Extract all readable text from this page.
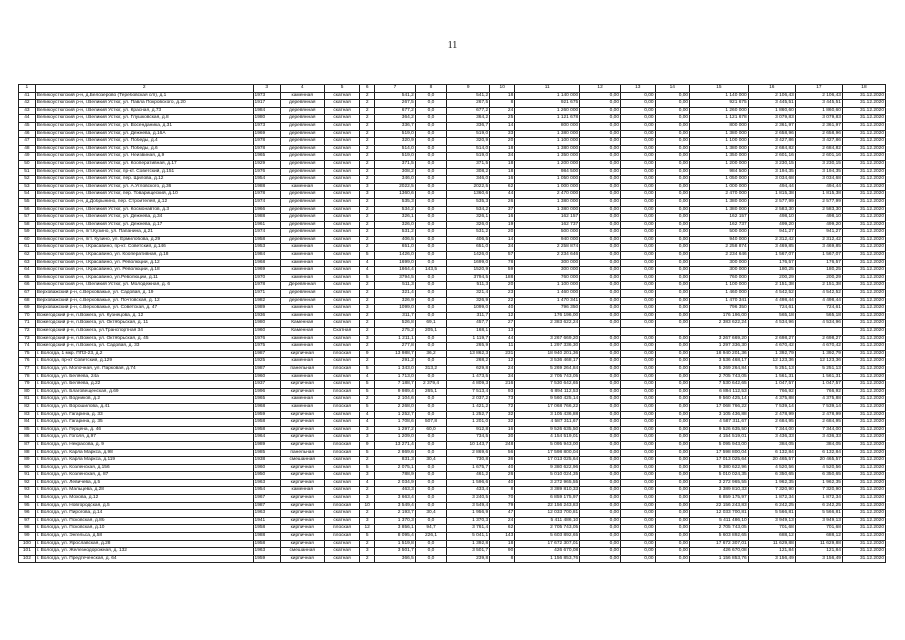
11
1	2	3	4	5	6	7	8	9	10	11	12	13	14	15	16	17	18
41	Великоустюгский р-н, д.Белозерово (Теребовская с/п), д.1	1973	каменная	скатная	2	541,2	0,0	541,2	18	1 140 000	0,00	0,00	0,00	1 140 000	2 106,43	2 106,43	31.12.2020
42	Великоустюгский р-н, г.Великий Устюг, ул. Павла Покровского, д.20	1917	деревянная	скатная	2	267,5	0,0	267,5	8	921 675	0,00	0,00	0,00	921 675	3 445,51	3 445,51	31.12.2020
43	Великоустюгский р-н, г.Великий Устюг, ул. Красная, д.73	1984	деревянная	скатная	2	677,2	0,0	677,2	24	1 260 000	0,00	0,00	0,00	1 260 000	1 860,60	1 860,60	31.12.2020
44	Великоустюгский р-н, г.Великий Устюг, ул. Глушковская, д.8	1980	деревянная	скатная	2	364,2	0,0	364,2	25	1 121 678	0,00	0,00	0,00	1 121 678	3 079,83	3 079,83	31.12.2020
45	Великоустюгский р-н, г.Великий Устюг, ул. Восенданика, д.31	1973	деревянная	скатная	2	336,7	0,0	336,7	14	800 000	0,00	0,00	0,00	800 000	2 361,97	2 361,97	31.12.2020
46	Великоустюгский р-н, г.Великий Устюг, ул. Дежнева, д.16А	1969	деревянная	скатная	2	519,0	0,0	519,0	33	1 380 000	0,00	0,00	0,00	1 380 000	2 658,96	2 658,96	31.12.2020
47	Великоустюгский р-н, г.Великий Устюг, ул. Победы, д.4	1978	деревянная	скатная	2	320,9	0,0	320,9	20	1 100 000	0,00	0,00	0,00	1 100 000	3 427,86	3 427,86	31.12.2020
48	Великоустюгский р-н, г.Великий Устюг, ул. Победы, д.6	1978	деревянная	скатная	2	514,0	0,0	514,0	18	1 380 000	0,00	0,00	0,00	1 380 000	2 684,82	2 684,82	31.12.2020
49	Великоустюгский р-н, г.Великий Устюг, ул. Неизвиная, д.9	1965	деревянная	скатная	2	519,0	0,0	519,0	34	1 350 000	0,00	0,00	0,00	1 350 000	2 601,16	2 601,16	31.12.2020
50	Великоустюгский р-н, г.Великий Устюг, ул. Кооперативная, д.17	1929	деревянная	скатная	2	371,5	0,0	371,5	18	1 200 000	0,00	0,00	0,00	1 200 000	3 230,15	3 230,15	31.12.2020
51	Великоустюгский р-н, г.Великий Устюг, пр-кт. Советский, д.151	1976	деревянная	скатная	2	308,2	0,0	308,2	18	984 500	0,00	0,00	0,00	984 500	3 194,35	3 194,35	31.12.2020
52	Великоустюгский р-н, г.Великий Устюг, пер. Щилова, д.12	1954	деревянная	скатная	2	346,0	0,0	346,0	16	1 050 000	0,00	0,00	0,00	1 050 000	3 034,68	3 034,68	31.12.2020
53	Великоустюгский р-н, г.Великий Устюг, ул. А.Угловского, д.36	1988	каменная	скатная	3	2022,5	0,0	2022,5	62	1 000 000	0,00	0,00	0,00	1 000 000	494,44	494,44	31.12.2020
54	Великоустюгский р-н, г.Великий Устюг, пер. Товарищеский, д.10	1978	деревянная	скатная	3	1360,6	0,0	1360,6	44	2 470 000	0,00	0,00	0,00	2 470 000	1 815,38	1 815,38	31.12.2020
55	Великоустюгский р-н, д.Добрынино, пер. Строителей, д.12	1974	деревянная	скатная	2	535,3	0,0	535,3	26	1 380 000	0,00	0,00	0,00	1 380 000	2 577,99	2 577,99	31.12.2020
56	Великоустюгский р-н, г.Великий Устюг, ул. Космонавтов, д.3	1966	деревянная	скатная	2	534,2	0,0	534,2	37	1 380 000	0,00	0,00	0,00	1 380 000	2 583,30	2 583,30	31.12.2020
57	Великоустюгский р-н, г.Великий Устюг, ул. Дежнева, д.34	1988	деревянная	скатная	2	326,1	0,0	326,1	16	162 157	0,00	0,00	0,00	162 157	498,10	498,10	31.12.2020
58	Великоустюгский р-н, г.Великий Устюг, ул. Дежнева, д.17	1961	деревянная	скатная	2	326,0	0,0	326,0	19	162 737	0,00	0,00	0,00	162 737	499,20	499,20	31.12.2020
59	Великоустюгский р-н, пгт.Кузино, ул. Папанина, д.21	1974	деревянная	скатная	2	531,2	0,0	531,2	20	500 000	0,00	0,00	0,00	500 000	941,27	941,27	31.12.2020
60	Великоустюгский р-н, пгт. Кузино, ул. Ермилобова, д.29	1958	деревянная	скатная	2	406,5	0,0	406,5	14	940 000	0,00	0,00	0,00	940 000	2 312,42	2 312,42	31.12.2020
61	Великоустюгский р-н, г.Красавино, пр-кт. Советский, д.146	1953	каменная	скатная	2	651,0	0,0	651,0	34	2 258 874	0,00	0,00	0,00	2 258 874	3 469,85	3 469,85	31.12.2020
62	Великоустюгский р-н, г.Красавино, ул. Кооперативная, д.18	1984	каменная	скатная	5	1426,0	0,0	1426,0	57	2 234 646	0,00	0,00	0,00	2 234 646	1 567,07	1 567,07	31.12.2020
63	Великоустюгский р-н, г.Красавино, ул. Революции, д.12	1968	каменная	скатная	4	1699,0	0,0	1699,0	78	300 000	0,00	0,00	0,00	300 000	176,57	176,57	31.12.2020
64	Великоустюгский р-н, г.Красавино, ул. Революции, д.18	1969	каменная	скатная	4	1664,4	143,5	1520,9	59	300 000	0,00	0,00	0,00	300 000	180,25	180,25	31.12.2020
65	Великоустюгский р-н, г.Красавино, ул.Революции, д.11	1970	каменная	скатная	5	3794,5	0,0	3794,5	188	760 000	0,00	0,00	0,00	760 000	200,29	200,29	31.12.2020
66	Великоустюгский р-н, г.Великий Устюг, ул. Молодежная, д. 6	1978	Деревянная	скатная	2	511,3	0,0	511,3	20	1 100 000	0,00	0,00	0,00	1 100 000	2 151,38	2 151,38	31.12.2020
67	Верховажский р-н, с.Верховажье, ул. Садовая, д. 19	1971	деревянная	скатная	2	321,4	0,0	321,4	23	1 460 000	0,00	0,00	0,00	1 460 000	4 542,52	4 542,52	31.12.2020
68	Верховажский р-н, с.Верховажье, ул. Почтовская, д. 12	1982	деревянная	скатная	2	326,9	0,0	326,9	22	1 470 341	0,00	0,00	0,00	1 470 341	4 498,44	4 498,44	31.12.2020
69	Верховажский р-н, с.Верховажье, ул. Советская, д. 47	1989	каменная	скатная	3	1099,0	0,0	1099,0	40	796 350	0,00	0,00	0,00	796 350	724,61	724,61	31.12.2020
70	Вожегодский р-н, п.Вожега, ул. Кузнецова, д. 12	1936	каменная	скатная	2	311,7	0,0	311,7	12	176 196,00	0,00	0,00	0,00	176 196,00	565,18	565,18	31.12.2020
71	Вожегодский р-н, п.Вожега, ул. Октябрьская, д. 11	1980	Каменная	скатная	2	526,8	69,1	457,7	27	2 383 622,24	0,00	0,00	0,00	2 383 622,24	4 534,96	4 534,96	31.12.2020
72	Вожегодский р-н, п.Вожега, ул.Транспортная 34	1960	Каменная	Скатная	2	275,2	205,1	168,1	13								31.12.2020
73	Вожегодский р-н, п.Вожега, ул. Октябрьская, д. 45	1976	каменная	скатная	3	1 211,1	0,0	1 119,7	44	3 267 669,20	0,00	0,00	0,00	3 267 669,20	2 698,27	2 698,27	31.12.2020
74	Вожегодский р-н, п.Вожега, ул. Садовая, д. 33	1975	каменная	скатная	2	277,8	0,0	265,9	11	1 297 336,30	0,00	0,00	0,00	1 297 336,30	4 670,42	4 670,42	31.12.2020
75	г. Вологда, 1 мкр. ППЗ-23, д.2	1987	кирпичная	плоская	9	13 988,7	36,2	13 862,3	231	18 940 201,36	0,00	0,00	0,00	18 940 201,36	1 392,79	1 392,79	31.12.2020
76	г. Вологда, пр-кт Советский, д.129	1925	каменная	скатная	2	291,2	0,0	268,2	12	3 536 468,17	0,00	0,00	0,00	3 536 468,17	12 123,36	12 123,36	31.12.2020
77	г. Вологда, ул. Молочная, ул. Парковая, д.74	1987	панельная	плоская	5	1 343,0	313,2	629,8	24	5 269 264,84	0,00	0,00	0,00	5 269 264,84	5 251,13	5 251,13	31.12.2020
78	г. Вологда, ул. Беляева, 24а	1960	каменная	скатная	4	1 713,0	0,0	1 473,5	34	2 705 743,05	0,00	0,00	0,00	2 705 743,05	1 561,31	1 561,31	31.12.2020
79	г. Вологда, ул. Беляева, д.22	1937	кирпичная	скатная	5	7 188,7	2 379,4	4 809,3	216	7 530 642,65	0,00	0,00	0,00	7 530 642,65	1 047,57	1 047,57	31.12.2020
80	г. Вологда, ул. Благовещенская, д.69	1996	кирпичная	плоская	5	9 989,4	265,1	7 513,4	93	6 894 112,53	0,00	0,00	0,00	6 894 112,53	766,92	766,92	31.12.2020
81	г. Вологда, ул. Водников, д.2	1965	каменная	скатная	2	2 104,6	0,0	2 037,2	73	9 560 425,14	0,00	0,00	0,00	9 560 425,14	4 375,88	4 375,88	31.12.2020
82	г. Вологда, ул. Ворошилова, д.41	1968	каменная	плоская	5	2 268,0	0,0	1 421,2	72	17 068 766,22	0,00	0,00	0,00	17 068 766,22	7 539,14	7 539,14	31.12.2020
83	г. Вологда, ул. Гагарина, д. 33	1959	кирпичная	скатная	4	1 252,7	0,0	1 252,7	32	3 105 436,88	0,00	0,00	0,00	3 105 436,88	2 478,99	2 478,99	31.12.2020
84	г. Вологда, ул. Гагарина, д. 35	1958	кирпичная	скатная	4	1 708,6	507,8	1 201,0	32	4 587 311,67	0,00	0,00	0,00	4 587 311,67	2 684,95	2 684,95	31.12.2020
85	г. Вологда, ул. Герцена, д. 46	1958	кирпичная	скатная	3	1 297,2	60,0	912,8	16	9 526 635,50	0,00	0,00	0,00	9 526 635,50	7 344,00	7 344,00	31.12.2020
86	г. Вологда, ул. Гоголя, д.97	1964	кирпичная	скатная	3	1 209,0	0,0	734,5	30	4 154 519,01	0,00	0,00	0,00	4 154 519,01	3 436,33	3 436,33	31.12.2020
87	г. Вологда, ул. Некрасова, д. 9	1989	кирпичная	плоская	9	13 271,4	0,0	10 143,7	248	5 095 943,00	0,00	0,00	0,00	5 095 943,00	384,05	384,05	31.12.2020
88	г. Вологда, ул. Карла Маркса, д.98	1985	панельная	плоская	5	2 869,6	0,0	2 869,6	56	17 598 800,04	0,00	0,00	0,00	17 598 800,04	6 132,84	6 132,84	31.12.2020
89	г. Вологда, ул. Карла Маркса, д.119	1938	смешанная	скатная	2	831,3	30,4	730,8	36	17 013 025,64	0,00	0,00	0,00	17 013 025,64	20 465,57	20 465,57	31.12.2020
90	г. Вологда, ул. Козленская, д.156	1960	кирпичная	скатная	5	2 075,1	0,0	1 675,7	40	9 380 622,96	0,00	0,00	0,00	9 380 622,96	4 520,56	4 520,56	31.12.2020
91	г. Вологда, ул. Козленская, д. 87	1950	кирпичная	скатная	3	788,9	0,0	461,2	26	5 010 024,35	0,00	0,00	0,00	5 010 024,35	6 350,65	6 350,65	31.12.2020
92	г. Вологда, ул. Левичева, д.5	1963	кирпичная	скатная	4	2 034,9	0,0	1 596,6	40	3 272 965,55	0,00	0,00	0,00	3 272 965,55	1 962,35	1 962,35	31.12.2020
93	г. Вологда, ул. Мальцева, д.28	1954	каменная	скатная	2	463,3	0,0	433,4	8	3 389 810,33	0,00	0,00	0,00	3 389 810,33	7 320,90	7 320,90	31.12.2020
94	г. Вологда, ул. Мохова, д.12	1967	кирпичная	скатная	3	3 663,4	0,0	3 240,5	70	6 859 175,97	0,00	0,00	0,00	6 859 175,97	1 872,34	1 872,34	31.12.2020
95	г. Вологда, ул. Новгородская, д.5	1987	кирпичная	плоская	10	3 549,4	0,0	3 549,4	79	22 156 243,83	0,00	0,00	0,00	22 156 243,83	6 242,25	6 242,25	31.12.2020
96	г. Вологда, ул. Пирогова, д.14	1963	кирпичная	скатная	2	2 193,7	30,4	1 956,9	47	12 033 700,81	0,00	0,00	0,00	12 033 700,81	5 566,81	5 566,81	31.12.2020
97	г. Вологда, ул. Псковская, д.8б	1941	кирпичная	скатная	3	1 370,3	0,0	1 370,3	24	5 411 486,10	0,00	0,00	0,00	5 411 486,10	3 949,13	3 949,13	31.12.2020
98	г. Вологда, ул. Псковская, д.10	1958	кирпичная	плоская	12	3 856,1	94,7	3 761,4	62	2 705 743,05	0,00	0,00	0,00	2 705 743,05	701,68	701,68	31.12.2020
99	г. Вологда, ул. Энгельса, д.58	1988	кирпичная	плоская	5	8 095,4	226,1	5 041,1	143	5 603 892,65	0,00	0,00	0,00	5 603 892,65	688,12	688,12	31.12.2020
100	г. Вологда, ул. Ярославская, д.28	1958	кирпичная	скатная	2	1 519,8	0,0	1 392,8	18	17 672 307,01	0,00	0,00	0,00	17 672 307,01	11 629,88	11 629,88	31.12.2020
101	г. Вологда, ул. Железнодорожная, д. 132	1963	смешанная	скатная	3	3 501,7	0,0	3 501,7	90	426 670,08	0,00	0,00	0,00	426 670,08	121,84	121,84	31.12.2020
102	г. Вологда, ул. Предтеченская, д. 64	1959	кирпичная	скатная	2	366,5	0,0	239,8	8	1 156 853,76	0,00	0,00	0,00	1 156 853,76	3 156,49	3 156,49	31.12.2020
